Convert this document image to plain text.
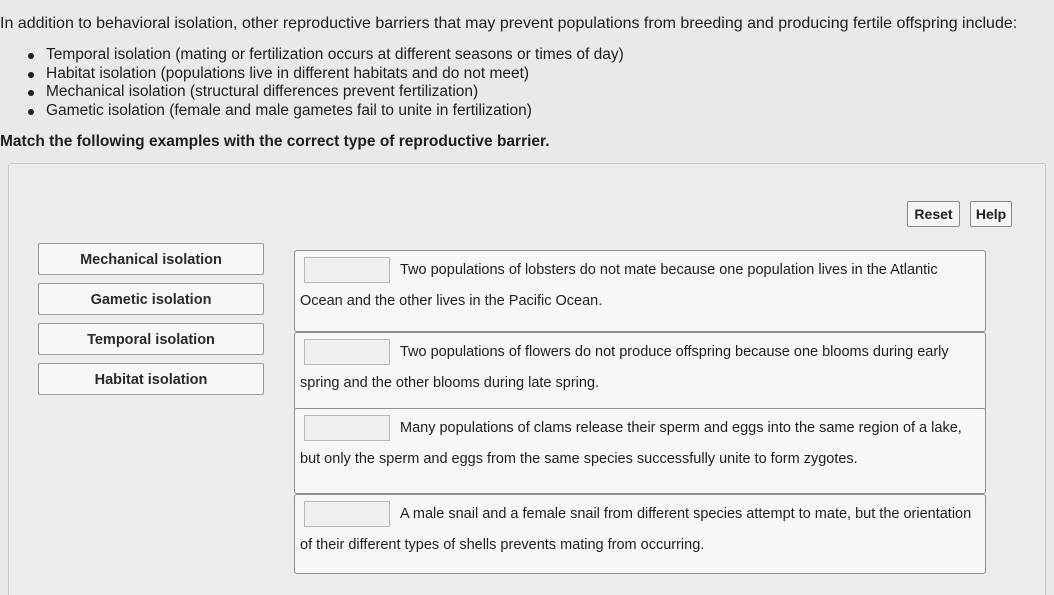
In addition to behavioral isolation, other reproductive barriers that may prevent populations from breeding and producing fertile offspring include:

Temporal isolation (mating or fertilization occurs at different seasons or times of day)
Habitat isolation (populations live in different habitats and do not meet)
Mechanical isolation (structural differences prevent fertilization)
Gametic isolation (female and male gametes fail to unite in fertilization)

Match the following examples with the correct type of reproductive barrier.

Reset	Help
Mechanical isolation
Gametic isolation
Temporal isolation
Habitat isolation
Two populations of lobsters do not mate because one population lives in the Atlantic Ocean and the other lives in the Pacific Ocean.
Two populations of flowers do not produce offspring because one blooms during early spring and the other blooms during late spring.
Many populations of clams release their sperm and eggs into the same region of a lake, but only the sperm and eggs from the same species successfully unite to form zygotes.
A male snail and a female snail from different species attempt to mate, but the orientation of their different types of shells prevents mating from occurring.
